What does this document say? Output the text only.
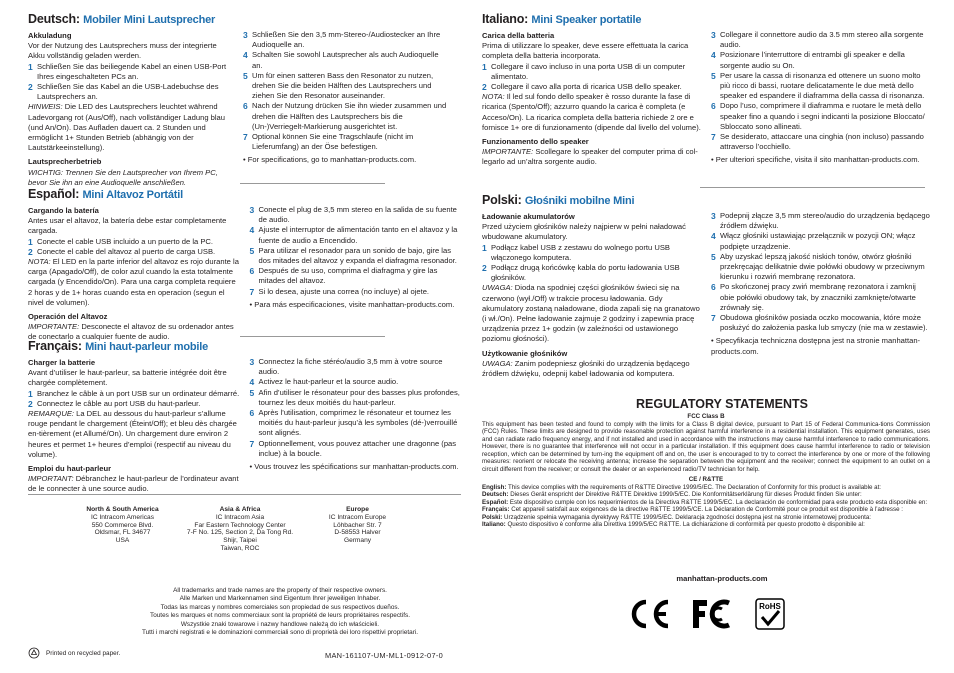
Deutsch: Mobiler Mini Lautsprecher

Akkuladung

Vor der Nutzung des Lautsprechers muss der integrierte Akku vollständig geladen werden.

1 Schließen Sie das beiliegende Kabel an einen USB-Port Ihres eingeschalteten PCs an.
2 Schließen Sie das Kabel an die USB-Ladebuchse des Lautsprechers an.

HINWEIS: Die LED des Lautsprechers leuchtet während Ladevorgang rot (Aus/Off), nach vollständiger Ladung blau (und An/On). Das Aufladen dauert ca. 2 Stunden und ermöglicht 1+ Stunden Betrieb (abhängig von der Lautstärkeeinstellung).

Lautsprecherbetrieb

WICHTIG: Trennen Sie den Lautsprecher von Ihrem PC, bevor Sie ihn an eine Audioquelle anschließen.

3 Schließen Sie den 3,5 mm-Stereo-/Audiostecker an Ihre Audioquelle an.
4 Schalten Sie sowohl Lautsprecher als auch Audioquelle an.
5 Um für einen satteren Bass den Resonator zu nutzen, drehen Sie die beiden Hälften des Lautsprechers und ziehen Sie den Resonator auseinander.
6 Nach der Nutzung drücken Sie ihn wieder zusammen und drehen die Hälften des Lautsprechers bis die (Un-)Verriegelt-Markierung ausgerichtet ist.
7 Optional können Sie eine Tragschlaufe (nicht im Lieferumfang) an der Öse befestigen.

• For specifications, go to manhattan-products.com.

Español: Mini Altavoz Portátil

Cargando la batería

Antes usar el altavoz, la batería debe estar completamente cargada.

1 Conecte el cable USB incluido a un puerto de la PC.
2 Conecte el cable del altavoz al puerto de carga USB.

NOTA: El LED en la parte inferior del altavoz es rojo durante la carga (Apagado/Off), de color azul cuando la esta totalmente cargada (y Encendido/On). Para una carga completa requiere 2 horas y de 1+ horas cuando esta en operacion (segun el nivel de volumen).

Operación del Altavoz

IMPORTANTE: Desconecte el altavoz de su ordenador antes de conectarlo a cualquier fuente de audio.

3 Conecte el plug de 3,5 mm stereo en la salida de su fuente de audio.
4 Ajuste el interruptor de alimentación tanto en el altavoz y la fuente de audio a Encendido.
5 Para utilizar el resonador para un sonido de bajo, gire las dos mitades del altavoz y expanda el diafragma resonador.
6 Después de su uso, comprima el diafragma y gire las mitades del altavoz.
7 Si lo desea, ajuste una correa (no incluye) al ojete.

• Para más especificaciones, visite manhattan-products.com.

Français: Mini haut-parleur mobile

Charger la batterie

Avant d’utiliser le haut-parleur, sa batterie intégrée doit être chargée complètement.

1 Branchez le câble à un port USB sur un ordinateur démarré.
2 Connectez le câble au port USB du haut-parleur.

REMARQUE: La DEL au dessous du haut-parleur s’allume rouge pendant le chargement (Éteint/Off); et bleu dès chargée en-tièrement (et Allumé/On). Un chargement dure environ 2 heures et permet 1+ heures d’emploi (respectif au niveau du volume).

Emploi du haut-parleur

IMPORTANT: Débranchez le haut-parleur de l’ordinateur avant de le connecter à une source audio.

3 Connectez la fiche stéréo/audio 3,5 mm à votre source audio.
4 Activez le haut-parleur et la source audio.
5 Afin d’utiliser le résonateur pour des basses plus profondes, tournez les deux moitiés du haut-parleur.
6 Après l’utilisation, comprimez le résonateur et tournez les moitiés du haut-parleur jusqu’à les symboles (dé-)verrouillé sont alignés.
7 Optionnellement, vous pouvez attacher une dragonne (pas inclue) à la boucle.

• Vous trouvez les spécifications sur manhattan-products.com.

North & South America
IC Intracom Americas
550 Commerce Blvd.
Oldsmar, FL 34677
USA
Asia & Africa
IC Intracom Asia
Far Eastern Technology Center
7-F No. 125, Section 2, Da Tong Rd.
Shijr, Taipei
Taiwan, ROC
Europe
IC Intracom Europe
Löhbacher Str. 7
D-58553 Halver
Germany
All trademarks and trade names are the property of their respective owners.
Alle Marken und Markennamen sind Eigentum Ihrer jeweiligen Inhaber.
Todas las marcas y nombres comerciales son propiedad de sus respectivos dueños.
Toutes les marques et noms commerciaux sont la propriété de leurs propriétaires respectifs.
Wszystkie znaki towarowe i nazwy handlowe należą do ich właścicieli.
Tutti i marchi registrati e le dominazioni commerciali sono di proprietà dei loro rispettivi proprietari.
Printed on recycled paper.	MAN-161107-UM-ML1-0912-07-0
Italiano: Mini Speaker portatile

Carica della batteria

Prima di utilizzare lo speaker, deve essere effettuata la carica completa della batteria incorporata.

1 Collegare il cavo incluso in una porta USB di un computer alimentato.
2 Collegare il cavo alla porta di ricarica USB dello speaker.

NOTA: Il led sul fondo dello speaker è rosso durante la fase di ricarica (Spento/Off); azzurro quando la carica è completa (e Acceso/On). La ricarica completa della batteria richiede 2 ore e fornisce 1+ ore di funzionamento (dipende dal livello del volume).

Funzionamento dello speaker

IMPORTANTE: Scollegare lo speaker del computer prima di col-legarlo ad un’altra sorgente audio.

3 Collegare il connettore audio da 3.5 mm stereo alla sorgente audio.
4 Posizionare l’interruttore di entrambi gli speaker e della sorgente audio su On.
5 Per usare la cassa di risonanza ed ottenere un suono molto più ricco di bassi, ruotare delicatamente le due metà dello speaker ed espandere il diaframma della cassa di risonanza.
6 Dopo l’uso, comprimere il diaframma e ruotare le metà dello speaker fino a quando i segni indicanti la posizione Bloccato/ Sbloccato sono allineati.
7 Se desiderato, attaccare una cinghia (non incluso) passando attraverso l’occhiello.

• Per ulteriori specifiche, visita il sito manhattan-products.com.

Polski: Głośniki mobilne Mini

Ładowanie akumulatorów

Przed użyciem głośników należy najpierw w pełni naładować wbudowane akumulatory.

1 Podłącz kabel USB z zestawu do wolnego portu USB włączonego komputera.
2 Podłącz drugą końcówkę kabla do portu ładowania USB głośników.

UWAGA: Dioda na spodniej części głośników świeci się na czerwono (wył./Off) w trakcie procesu ładowania. Gdy akumulatory zostaną naładowane, dioda zapali się na granatowo (i wł./On). Pełne ładowanie zajmuje 2 godziny i zapewnia pracę urządzenia przez 1+ godzin (w zależności od ustawionego poziomu głośności).

Użytkowanie głośników

UWAGA: Zanim podepniesz głośniki do urządzenia będącego źródłem dźwięku, odepnij kabel ładowania od komputera.

3 Podepnij złącze 3,5 mm stereo/audio do urządzenia będącego źródłem dźwięku.
4 Włącz głośniki ustawiając przełącznik w pozycji ON; włącz podpięte urządzenie.
5 Aby uzyskać lepszą jakość niskich tonów, otwórz głośniki przekręcając delikatnie dwie połówki obudowy w przeciwnym kierunku i rozwiń membranę rezonatora.
6 Po skończonej pracy zwiń membranę rezonatora i zamknij obie połówki obudowy tak, by znaczniki zamknięte/otwarte zrównały się.
7 Obudowa głośników posiada oczko mocowania, które może posłużyć do założenia paska lub smyczy (nie ma w zestawie).

• Specyfikacja techniczna dostępna jest na stronie manhattan-products.com.

REGULATORY STATEMENTS
FCC Class B

This equipment has been tested and found to comply with the limits for a Class B digital device, pursuant to Part 15 of Federal Communica-tions Commission (FCC) Rules. These limits are designed to provide reasonable protection against harmful interference in a residential installation. This equipment generates, uses and can radiate radio frequency energy, and if not installed and used in accordance with the instructions may cause harmful interference to radio communications. However, there is no guarantee that interference will not occur in a particular installation. If this equipment does cause harmful interference to radio or television reception, which can be determined by turn-ing the equipment off and on, the user is encouraged to try to correct the interference by one or more of the following measures: reorient or relocate the receiving antenna; increase the separation between the equipment and the receiver; connect the equipment to an outlet on a circuit different from the receiver; or consult the dealer or an experienced radio/TV technician for help.

CE / R&TTE

English: This device complies with the requirements of R&TTE Directive 1999/5/EC. The Declaration of Conformity for this product is available at:

Deutsch: Dieses Gerät enspricht der Direktive R&TTE Direktive 1999/5/EC. Die Konformitätserklärung für dieses Produkt finden Sie unter:

Español: Este dispositivo cumple con los requerimientos de la Directiva R&TTE 1999/5/EC. La declaración de conformidad para este producto esta disponible en:

Français: Cet appareil satisfait aux exigences de la directive R&TTE 1999/5/CE. La Déclaration de Conformité pour ce produit est disponible à l’adresse :

Polski: Urządzenie spełnia wymagania dyrektywy R&TTE 1999/5/EC. Deklaracja zgodności dostępna jest na stronie internetowej producenta:

Italiano: Questo dispositivo è conforme alla Direttiva 1999/5/EC R&TTE. La dichiarazione di conformità per questo prodotto è disponibile al:

manhattan-products.com
RoHS
